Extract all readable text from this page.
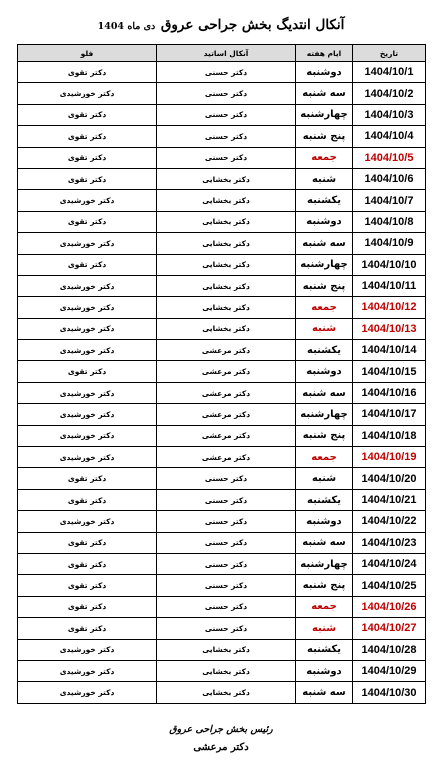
آنکال انتدیگ بخش جراحی عروق دی ماه 1404
تاریخ	ایام هفته	آنکال اساتید	فلو
1404/10/1	دوشنبه	دکتر حسنی	دکتر تقوی
1404/10/2	سه شنبه	دکتر حسنی	دکتر خورشیدی
1404/10/3	چهارشنبه	دکتر حسنی	دکتر تقوی
1404/10/4	پنج شنبه	دکتر حسنی	دکتر تقوی
1404/10/5	جمعه	دکتر حسنی	دکتر تقوی
1404/10/6	شنبه	دکتر بخشایی	دکتر تقوی
1404/10/7	یکشنبه	دکتر بخشایی	دکتر خورشیدی
1404/10/8	دوشنبه	دکتر بخشایی	دکتر تقوی
1404/10/9	سه شنبه	دکتر بخشایی	دکتر خورشیدی
1404/10/10	چهارشنبه	دکتر بخشایی	دکتر تقوی
1404/10/11	پنج شنبه	دکتر بخشایی	دکتر خورشیدی
1404/10/12	جمعه	دکتر بخشایی	دکتر خورشیدی
1404/10/13	شنبه	دکتر بخشایی	دکتر خورشیدی
1404/10/14	یکشنبه	دکتر مرعشی	دکتر خورشیدی
1404/10/15	دوشنبه	دکتر مرعشی	دکتر تقوی
1404/10/16	سه شنبه	دکتر مرعشی	دکتر خورشیدی
1404/10/17	چهارشنبه	دکتر مرعشی	دکتر خورشیدی
1404/10/18	پنج شنبه	دکتر مرعشی	دکتر خورشیدی
1404/10/19	جمعه	دکتر مرعشی	دکتر خورشیدی
1404/10/20	شنبه	دکتر حسنی	دکتر تقوی
1404/10/21	یکشنبه	دکتر حسنی	دکتر تقوی
1404/10/22	دوشنبه	دکتر حسنی	دکتر خورشیدی
1404/10/23	سه شنبه	دکتر حسنی	دکتر تقوی
1404/10/24	چهارشنبه	دکتر حسنی	دکتر تقوی
1404/10/25	پنج شنبه	دکتر حسنی	دکتر تقوی
1404/10/26	جمعه	دکتر حسنی	دکتر تقوی
1404/10/27	شنبه	دکتر حسنی	دکتر تقوی
1404/10/28	یکشنبه	دکتر بخشایی	دکتر خورشیدی
1404/10/29	دوشنبه	دکتر بخشایی	دکتر خورشیدی
1404/10/30	سه شنبه	دکتر بخشایی	دکتر خورشیدی
رئیس بخش جراحی عروق
دکتر مرعشی
